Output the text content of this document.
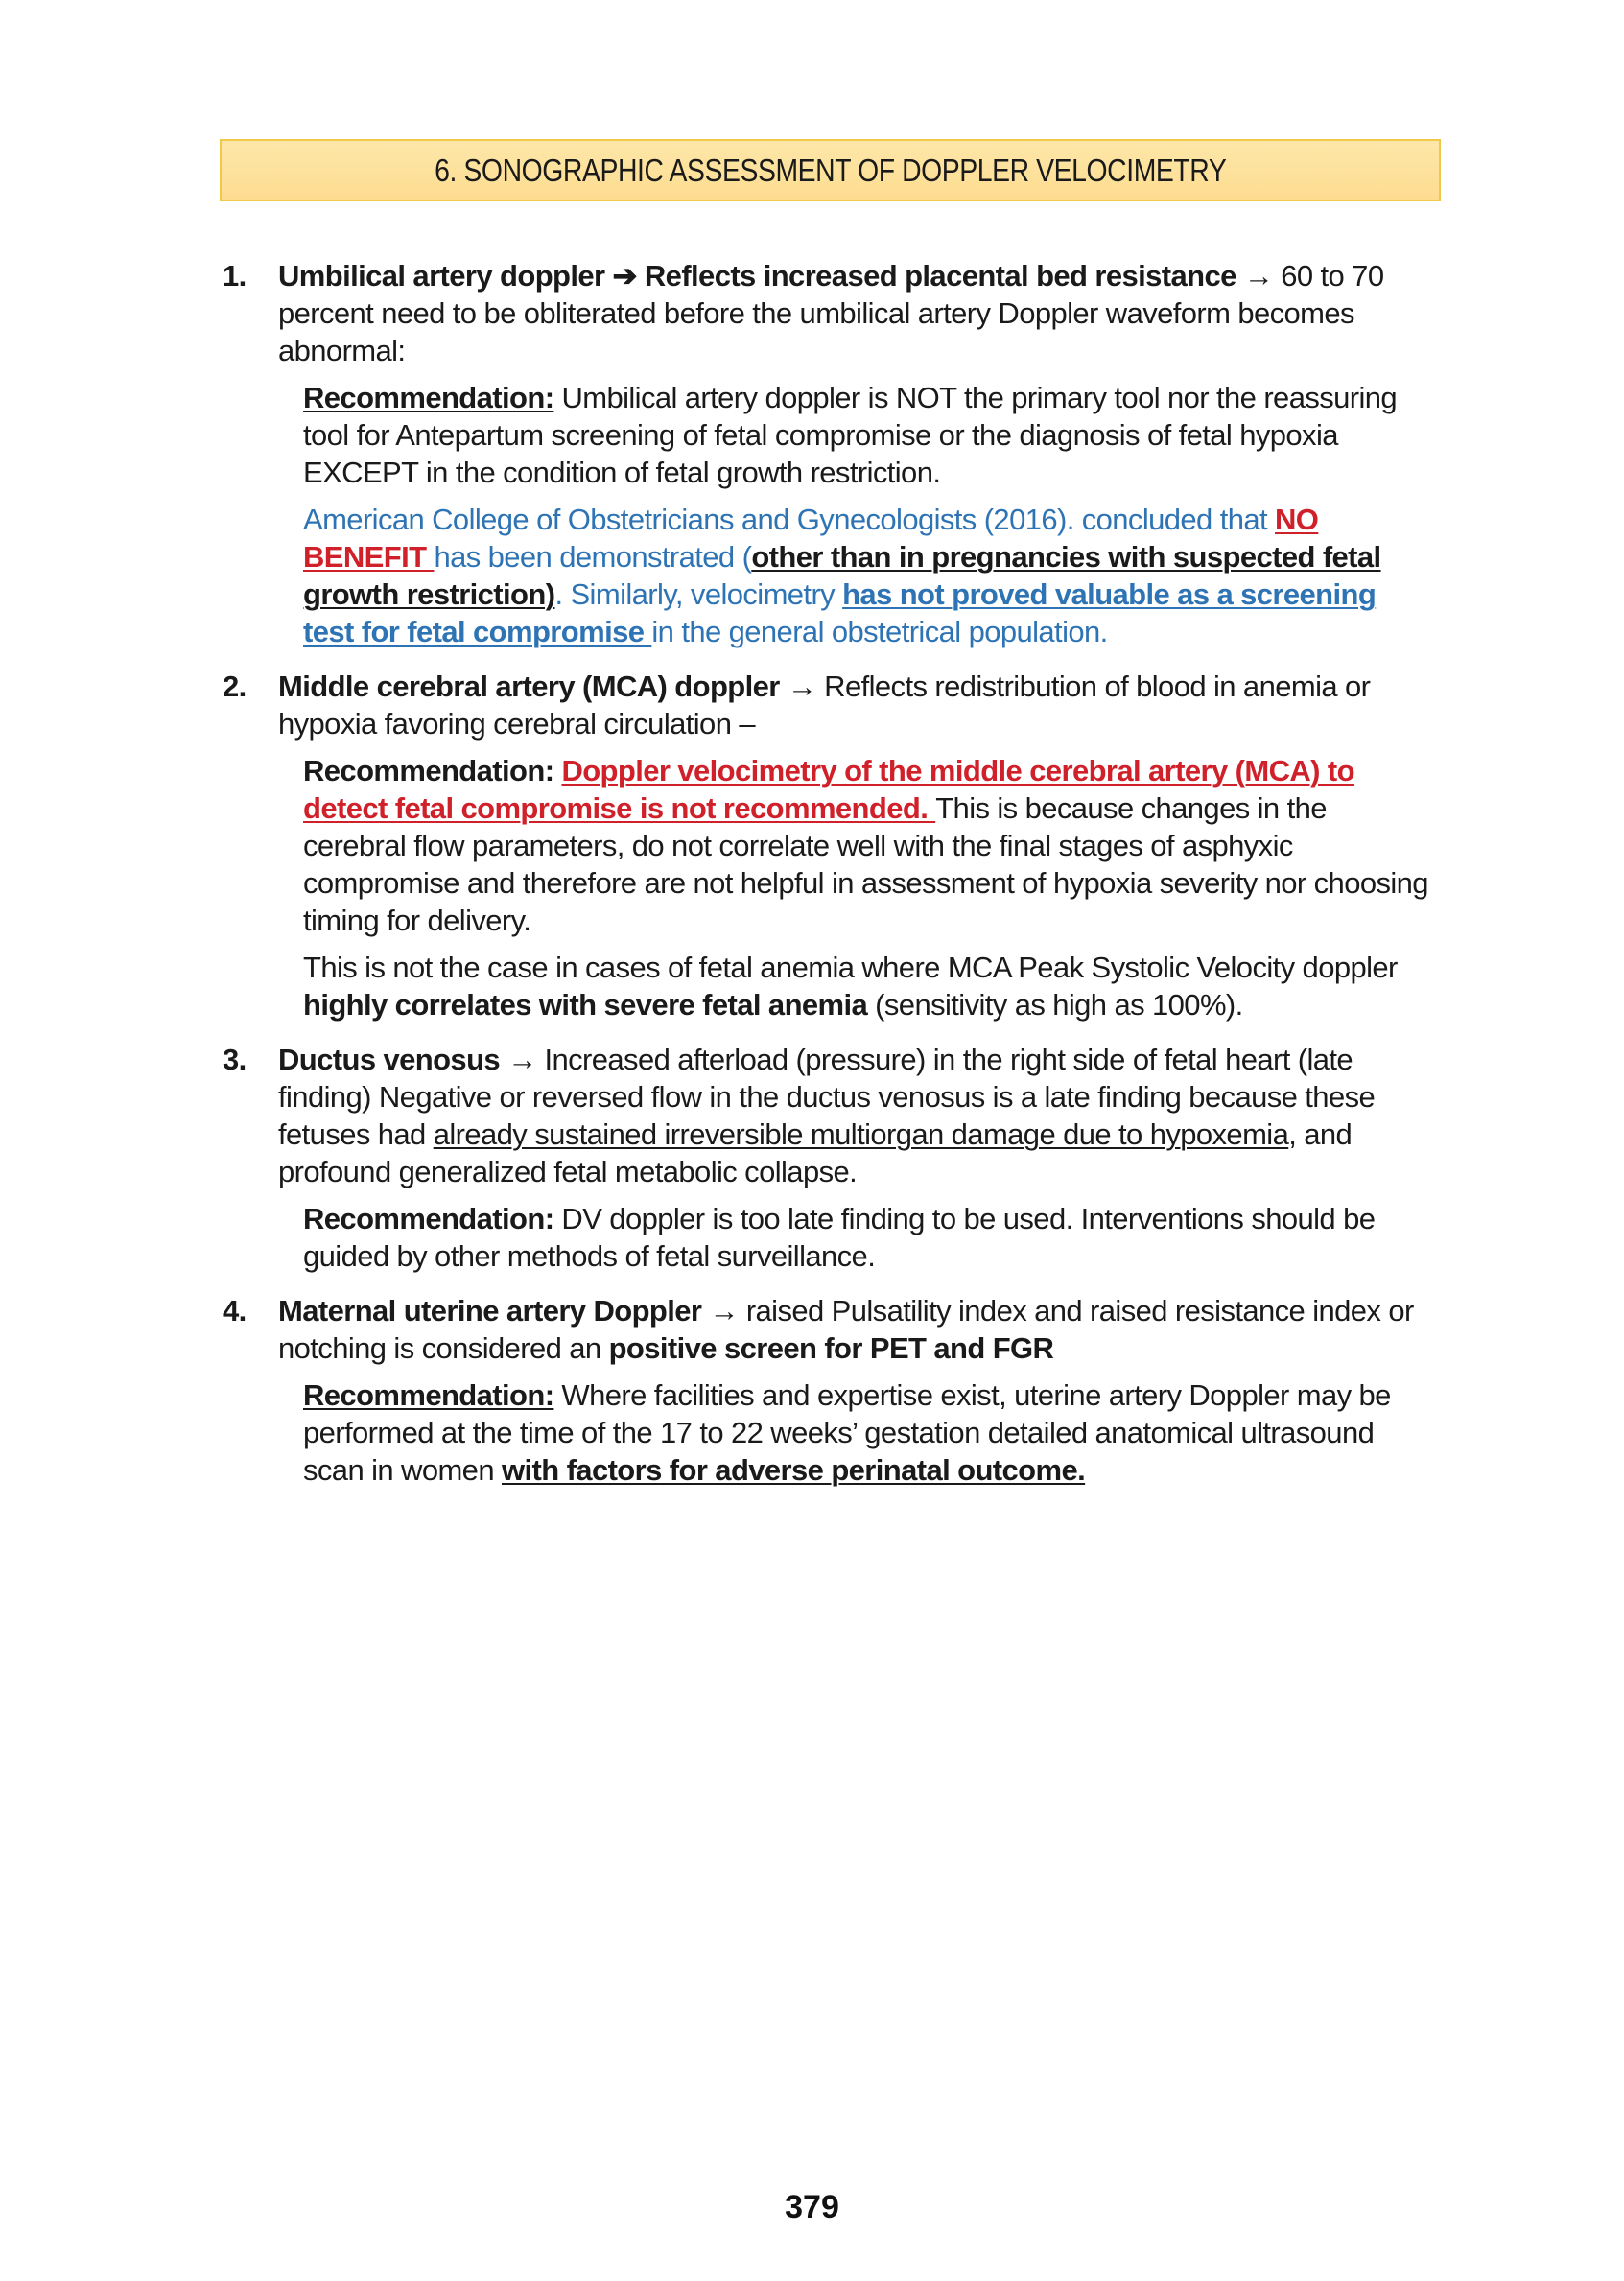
6. SONOGRAPHIC ASSESSMENT OF DOPPLER VELOCIMETRY
1. Umbilical artery doppler ➔ Reflects increased placental bed resistance → 60 to 70 percent need to be obliterated before the umbilical artery Doppler waveform becomes abnormal:
Recommendation: Umbilical artery doppler is NOT the primary tool nor the reassuring tool for Antepartum screening of fetal compromise or the diagnosis of fetal hypoxia EXCEPT in the condition of fetal growth restriction.
American College of Obstetricians and Gynecologists (2016). concluded that NO BENEFIT has been demonstrated (other than in pregnancies with suspected fetal growth restriction). Similarly, velocimetry has not proved valuable as a screening test for fetal compromise in the general obstetrical population.
2. Middle cerebral artery (MCA) doppler → Reflects redistribution of blood in anemia or hypoxia favoring cerebral circulation –
Recommendation: Doppler velocimetry of the middle cerebral artery (MCA) to detect fetal compromise is not recommended. This is because changes in the cerebral flow parameters, do not correlate well with the final stages of asphyxic compromise and therefore are not helpful in assessment of hypoxia severity nor choosing timing for delivery.
This is not the case in cases of fetal anemia where MCA Peak Systolic Velocity doppler highly correlates with severe fetal anemia (sensitivity as high as 100%).
3. Ductus venosus → Increased afterload (pressure) in the right side of fetal heart (late finding) Negative or reversed flow in the ductus venosus is a late finding because these fetuses had already sustained irreversible multiorgan damage due to hypoxemia, and profound generalized fetal metabolic collapse.
Recommendation: DV doppler is too late finding to be used. Interventions should be guided by other methods of fetal surveillance.
4. Maternal uterine artery Doppler → raised Pulsatility index and raised resistance index or notching is considered an positive screen for PET and FGR
Recommendation: Where facilities and expertise exist, uterine artery Doppler may be performed at the time of the 17 to 22 weeks’ gestation detailed anatomical ultrasound scan in women with factors for adverse perinatal outcome.
379
